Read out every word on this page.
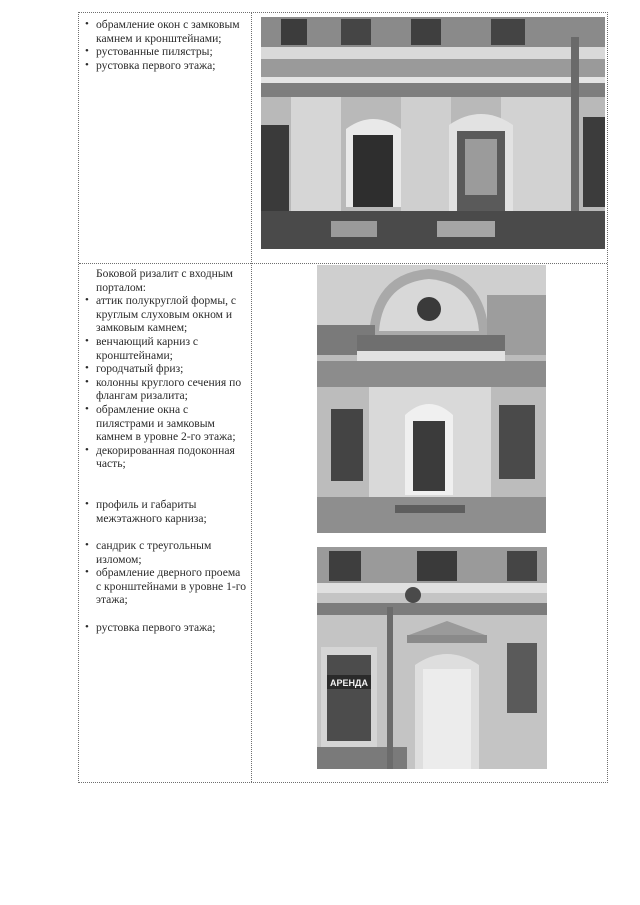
• обрамление окон с замковым камнем и кронштейнами;
• рустованные пилястры;
• рустовка первого этажа;
Боковой ризалит с входным порталом:
• аттик полукруглой формы, с круглым слуховым окном и замковым камнем;
• венчающий карниз с кронштейнами;
• городчатый фриз;
• колонны круглого сечения по флангам ризалита;
• обрамление окна с пилястрами и замковым камнем в уровне 2-го этажа;
• декорированная подоконная часть;
• профиль и габариты межэтажного карниза;
• сандрик с треугольным изломом;
• обрамление дверного проема с кронштейнами в уровне 1-го этажа;
• рустовка первого этажа;
АРЕНДА
